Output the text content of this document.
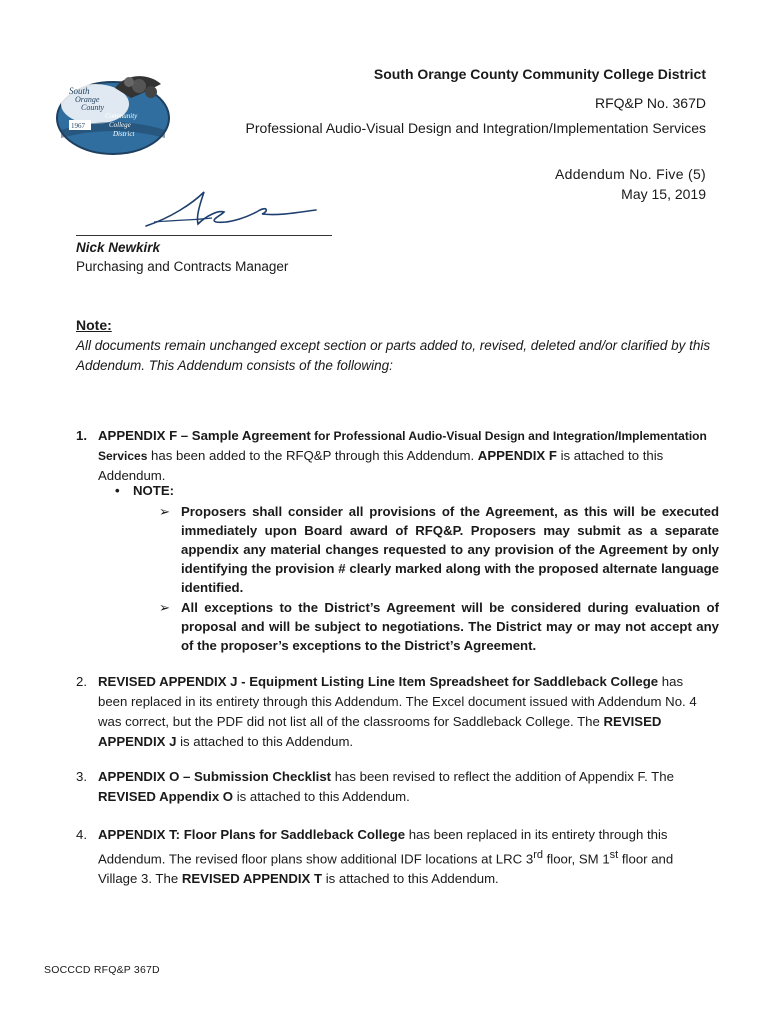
1967
South
Orange
County
Community
College
District
South Orange County Community College District
RFQ&P No. 367D
Professional Audio-Visual Design and Integration/Implementation Services
Addendum No. Five (5)
May 15, 2019
Nick Newkirk
Purchasing and Contracts Manager
Note:
All documents remain unchanged except section or parts added to, revised, deleted and/or clarified by this Addendum. This Addendum consists of the following:
1. APPENDIX F – Sample Agreement for Professional Audio-Visual Design and Integration/Implementation Services has been added to the RFQ&P through this Addendum. APPENDIX F is attached to this Addendum.
• NOTE:
➢ Proposers shall consider all provisions of the Agreement, as this will be executed immediately upon Board award of RFQ&P. Proposers may submit as a separate appendix any material changes requested to any provision of the Agreement by only identifying the provision # clearly marked along with the proposed alternate language identified.
➢ All exceptions to the District’s Agreement will be considered during evaluation of proposal and will be subject to negotiations. The District may or may not accept any of the proposer’s exceptions to the District’s Agreement.
2. REVISED APPENDIX J - Equipment Listing Line Item Spreadsheet for Saddleback College has been replaced in its entirety through this Addendum. The Excel document issued with Addendum No. 4 was correct, but the PDF did not list all of the classrooms for Saddleback College. The REVISED APPENDIX J is attached to this Addendum.
3. APPENDIX O – Submission Checklist has been revised to reflect the addition of Appendix F. The REVISED Appendix O is attached to this Addendum.
4. APPENDIX T: Floor Plans for Saddleback College has been replaced in its entirety through this Addendum. The revised floor plans show additional IDF locations at LRC 3rd floor, SM 1st floor and Village 3. The REVISED APPENDIX T is attached to this Addendum.
SOCCCD RFQ&P 367D
